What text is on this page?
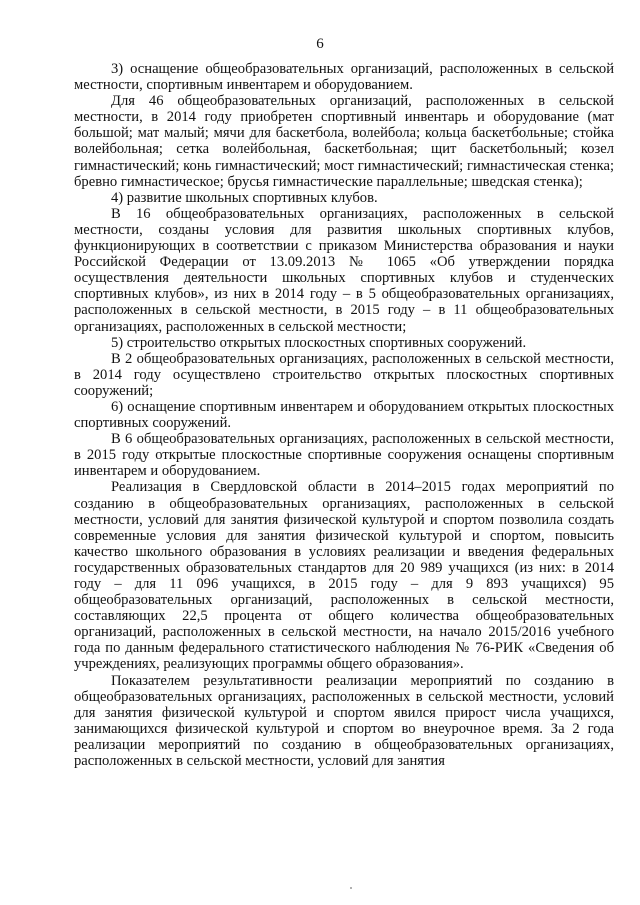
6

3) оснащение общеобразовательных организаций, расположенных в сельской местности, спортивным инвентарем и оборудованием.

Для 46 общеобразовательных организаций, расположенных в сельской местности, в 2014 году приобретен спортивный инвентарь и оборудование (мат большой; мат малый; мячи для баскетбола, волейбола; кольца баскетбольные; стойка волейбольная; сетка волейбольная, баскетбольная; щит баскетбольный; козел гимнастический; конь гимнастический; мост гимнастический; гимнастическая стенка; бревно гимнастическое; брусья гимнастические параллельные; шведская стенка);

4) развитие школьных спортивных клубов.

В 16 общеобразовательных организациях, расположенных в сельской местности, созданы условия для развития школьных спортивных клубов, функционирующих в соответствии с приказом Министерства образования и науки Российской Федерации от 13.09.2013 № 1065 «Об утверждении порядка осуществления деятельности школьных спортивных клубов и студенческих спортивных клубов», из них в 2014 году – в 5 общеобразовательных организациях, расположенных в сельской местности, в 2015 году – в 11 общеобразовательных организациях, расположенных в сельской местности;

5) строительство открытых плоскостных спортивных сооружений.

В 2 общеобразовательных организациях, расположенных в сельской местности, в 2014 году осуществлено строительство открытых плоскостных спортивных сооружений;

6) оснащение спортивным инвентарем и оборудованием открытых плоскостных спортивных сооружений.

В 6 общеобразовательных организациях, расположенных в сельской местности, в 2015 году открытые плоскостные спортивные сооружения оснащены спортивным инвентарем и оборудованием.

Реализация в Свердловской области в 2014–2015 годах мероприятий по созданию в общеобразовательных организациях, расположенных в сельской местности, условий для занятия физической культурой и спортом позволила создать современные условия для занятия физической культурой и спортом, повысить качество школьного образования в условиях реализации и введения федеральных государственных образовательных стандартов для 20 989 учащихся (из них: в 2014 году – для 11 096 учащихся, в 2015 году – для 9 893 учащихся) 95 общеобразовательных организаций, расположенных в сельской местности, составляющих 22,5 процента от общего количества общеобразовательных организаций, расположенных в сельской местности, на начало 2015/2016 учебного года по данным федерального статистического наблюдения № 76-РИК «Сведения об учреждениях, реализующих программы общего образования».

Показателем результативности реализации мероприятий по созданию в общеобразовательных организациях, расположенных в сельской местности, условий для занятия физической культурой и спортом явился прирост числа учащихся, занимающихся физической культурой и спортом во внеурочное время. За 2 года реализации мероприятий по созданию в общеобразовательных организациях, расположенных в сельской местности, условий для занятия
